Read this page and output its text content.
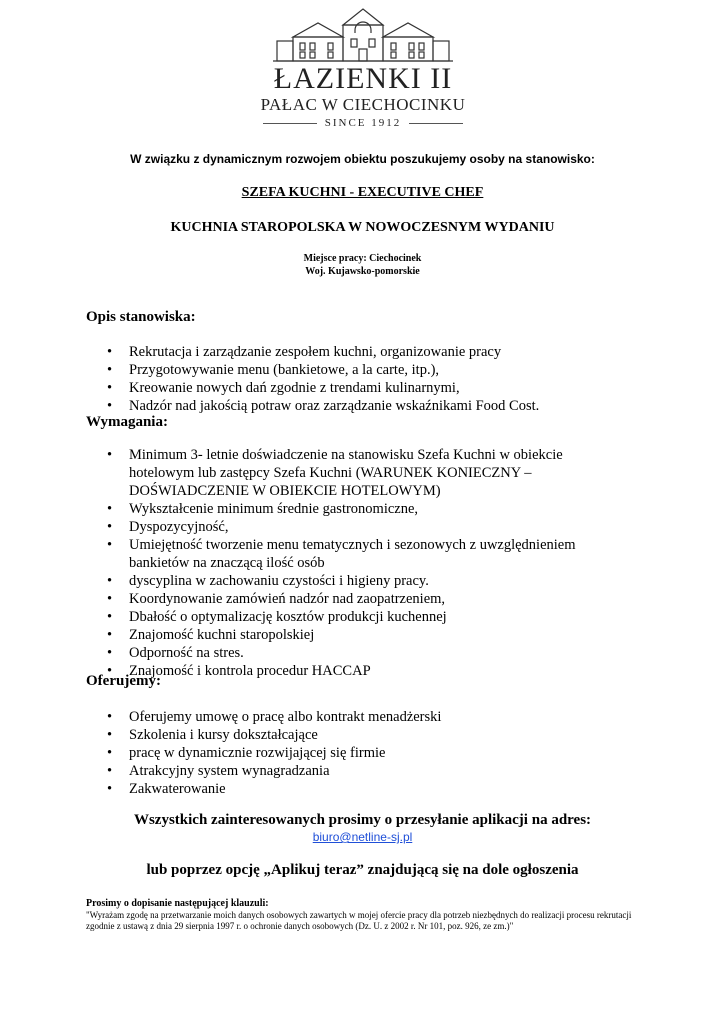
ŁAZIENKI II
PAŁAC W CIECHOCINKU
SINCE 1912
W związku z dynamicznym rozwojem obiektu poszukujemy osoby na stanowisko:
SZEFA KUCHNI - EXECUTIVE CHEF
KUCHNIA STAROPOLSKA W NOWOCZESNYM WYDANIU
Miejsce pracy: Ciechocinek
Woj. Kujawsko-pomorskie
Opis stanowiska:
• Rekrutacja i zarządzanie zespołem kuchni, organizowanie pracy
• Przygotowywanie menu (bankietowe, a la carte, itp.),
• Kreowanie nowych dań zgodnie z trendami kulinarnymi,
• Nadzór nad jakością potraw oraz zarządzanie wskaźnikami Food Cost.
Wymagania:
• Minimum 3- letnie doświadczenie na stanowisku Szefa Kuchni w obiekcie hotelowym lub zastępcy Szefa Kuchni (WARUNEK KONIECZNY – DOŚWIADCZENIE W OBIEKCIE HOTELOWYM)
• Wykształcenie minimum średnie gastronomiczne,
• Dyspozycyjność,
• Umiejętność tworzenie menu tematycznych i sezonowych z uwzględnieniem bankietów na znaczącą ilość osób
• dyscyplina w zachowaniu czystości i higieny pracy.
• Koordynowanie zamówień nadzór nad zaopatrzeniem,
• Dbałość o optymalizację kosztów produkcji kuchennej
• Znajomość kuchni staropolskiej
• Odporność na stres.
• Znajomość i kontrola procedur HACCAP
Oferujemy:
• Oferujemy umowę o pracę albo kontrakt menadżerski
• Szkolenia i kursy dokształcające
• pracę w dynamicznie rozwijającej się firmie
• Atrakcyjny system wynagradzania
• Zakwaterowanie
Wszystkich zainteresowanych prosimy o przesyłanie aplikacji na adres:
biuro@netline-sj.pl
lub poprzez opcję „Aplikuj teraz” znajdującą się na dole ogłoszenia
Prosimy o dopisanie następującej klauzuli:
"Wyrażam zgodę na przetwarzanie moich danych osobowych zawartych w mojej ofercie pracy dla potrzeb niezbędnych do realizacji procesu rekrutacji zgodnie z ustawą z dnia 29 sierpnia 1997 r. o ochronie danych osobowych (Dz. U. z 2002 r. Nr 101, poz. 926, ze zm.)"
